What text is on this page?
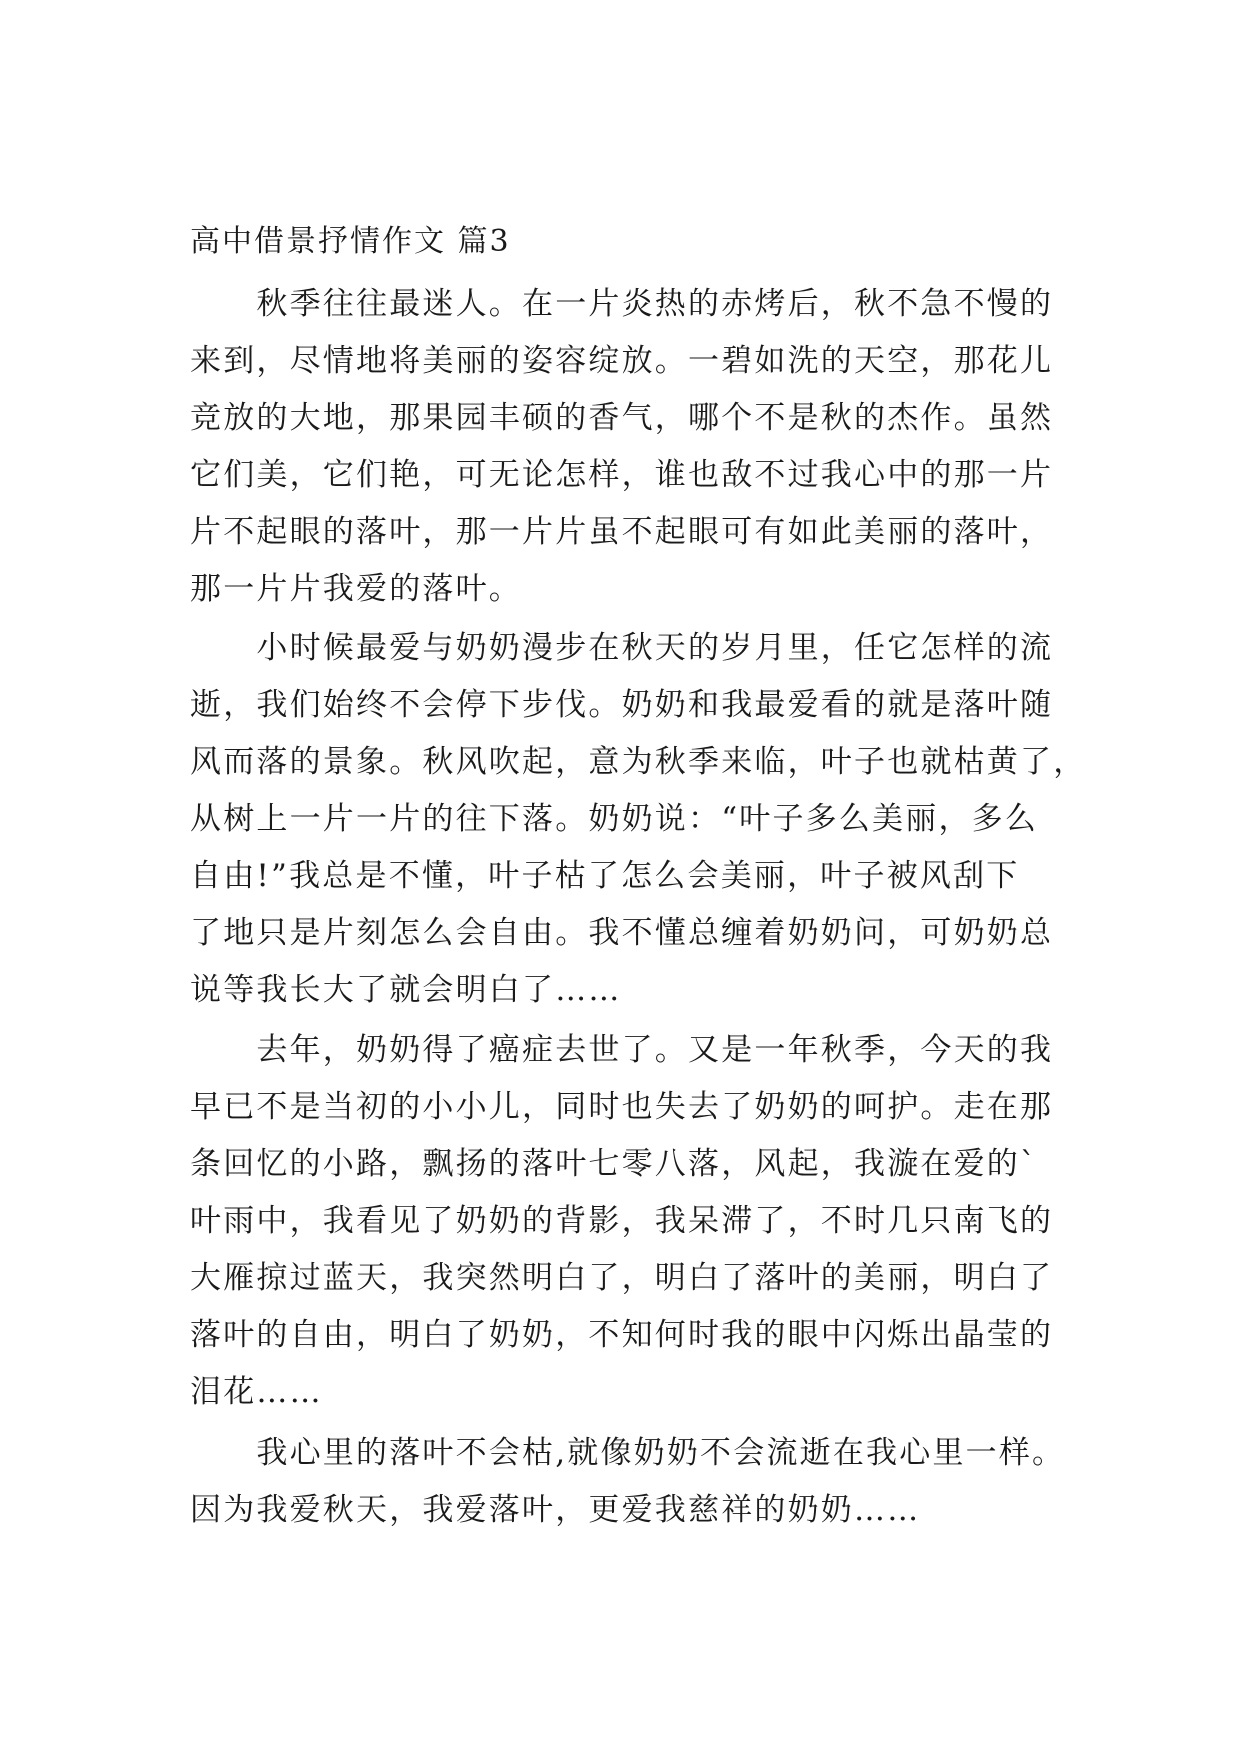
高中借景抒情作文 篇3

　　秋季往往最迷人。在一片炎热的赤烤后，秋不急不慢的
来到，尽情地将美丽的姿容绽放。一碧如洗的天空，那花儿
竞放的大地，那果园丰硕的香气，哪个不是秋的杰作。虽然
它们美，它们艳，可无论怎样，谁也敌不过我心中的那一片
片不起眼的落叶，那一片片虽不起眼可有如此美丽的落叶，
那一片片我爱的落叶。

　　小时候最爱与奶奶漫步在秋天的岁月里，任它怎样的流
逝，我们始终不会停下步伐。奶奶和我最爱看的就是落叶随
风而落的景象。秋风吹起，意为秋季来临，叶子也就枯黄了，
从树上一片一片的往下落。奶奶说：“叶子多么美丽，多么
自由!”我总是不懂，叶子枯了怎么会美丽，叶子被风刮下
了地只是片刻怎么会自由。我不懂总缠着奶奶问，可奶奶总
说等我长大了就会明白了……

　　去年，奶奶得了癌症去世了。又是一年秋季，今天的我
早已不是当初的小小儿，同时也失去了奶奶的呵护。走在那
条回忆的小路，飘扬的落叶七零八落，风起，我漩在爱的`
叶雨中，我看见了奶奶的背影，我呆滞了，不时几只南飞的
大雁掠过蓝天，我突然明白了，明白了落叶的美丽，明白了
落叶的自由，明白了奶奶，不知何时我的眼中闪烁出晶莹的
泪花……

　　我心里的落叶不会枯,就像奶奶不会流逝在我心里一样。
因为我爱秋天，我爱落叶，更爱我慈祥的奶奶……
